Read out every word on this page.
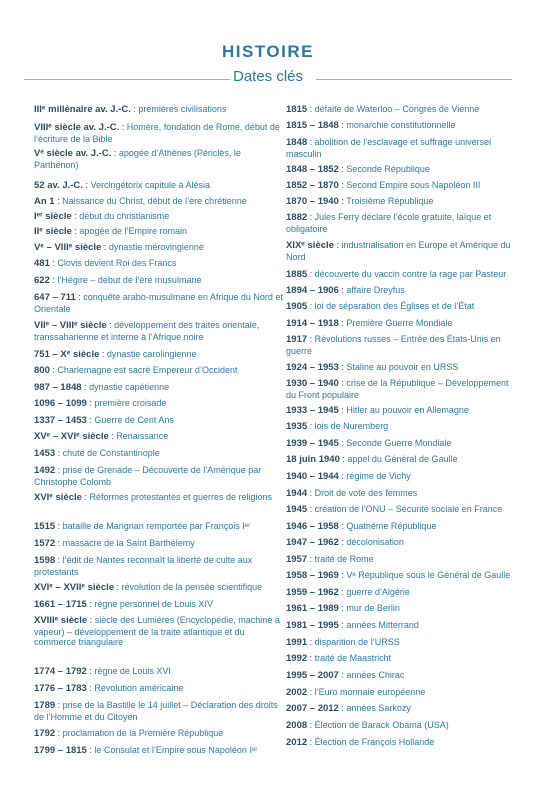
HISTOIRE
Dates clés
IIIᵉ millénaire av. J.-C. : premières civilisations
VIIIᵉ siècle av. J.-C. : Homère, fondation de Rome, début de l’écriture de la Bible
Vᵉ siècle av. J.-C. : apogée d’Athènes (Périclès, le Parthénon)
52 av. J.-C. : Vercingétorix capitule à Alésia
An 1 : Naissance du Christ, début de l’ère chrétienne
Iᵉʳ siècle : début du christianisme
IIᵉ siècle : apogée de l’Empire romain
Vᵉ – VIIIᵉ siècle : dynastie mérovingienne
481 : Clovis devient Roi des Francs
622 : l’Hégire – début de l’ère musulmane
647 – 711 : conquête arabo-musulmane en Afrique du Nord et Orientale
VIIᵉ – VIIIᵉ siècle : développement des traites orientale, transsaharienne et interne à l’Afrique noire
751 – Xᵉ siècle : dynastie carolingienne
800 : Charlemagne est sacré Empereur d’Occident
987 – 1848 : dynastie capétienne
1096 – 1099 : première croisade
1337 – 1453 : Guerre de Cent Ans
XVᵉ – XVIᵉ siècle : Renaissance
1453 : chute de Constantinople
1492 : prise de Grenade – Découverte de l’Amérique par Christophe Colomb
XVIᵉ siècle : Réformes protestantes et guerres de religions
1515 : bataille de Marignan remportée par François Iᵉʳ
1572 : massacre de la Saint Barthélemy
1598 : l’édit de Nantes reconnaît la liberté de culte aux protestants
XVIᵉ – XVIIᵉ siècle : révolution de la pensée scientifique
1661 – 1715 : règne personnel de Louis XIV
XVIIIᵉ siècle : siècle des Lumières (Encyclopédie, machine à vapeur) – développement de la traite atlantique et du commerce triangulaire
1774 – 1792 : règne de Louis XVI
1776 – 1783 : Révolution américaine
1789 : prise de la Bastille le 14 juillet – Déclaration des droits de l’Homme et du Citoyen
1792 : proclamation de la Première République
1799 – 1815 : le Consulat et l’Empire sous Napoléon Iᵉʳ
1815 : défaite de Waterloo – Congrès de Vienne
1815 – 1848 : monarchie constitutionnelle
1848 : abolition de l’esclavage et suffrage universel masculin
1848 – 1852 : Seconde République
1852 – 1870 : Second Empire sous Napoléon III
1870 – 1940 : Troisième République
1882 : Jules Ferry déclare l’école gratuite, laïque et obligatoire
XIXᵉ siècle : industrialisation en Europe et Amérique du Nord
1885 : découverte du vaccin contre la rage par Pasteur
1894 – 1906 : affaire Dreyfus
1905 : loi de séparation des Églises et de l’État
1914 – 1918 : Première Guerre Mondiale
1917 : Révolutions russes – Entrée des États-Unis en guerre
1924 – 1953 : Staline au pouvoir en URSS
1930 – 1940 : crise de la République – Développement du Front populaire
1933 – 1945 : Hitler au pouvoir en Allemagne
1935 : lois de Nuremberg
1939 – 1945 : Seconde Guerre Mondiale
18 juin 1940 : appel du Général de Gaulle
1940 – 1944 : régime de Vichy
1944 : Droit de vote des femmes
1945 : création de l’ONU – Sécurité sociale en France
1946 – 1958 : Quatrième République
1947 – 1962 : décolonisation
1957 : traité de Rome
1958 – 1969 : Vᵉ République sous le Général de Gaulle
1959 – 1962 : guerre d’Algérie
1961 – 1989 : mur de Berlin
1981 – 1995 : années Mitterrand
1991 : disparition de l’URSS
1992 : traité de Maastricht
1995 – 2007 : années Chirac
2002 : l’Euro monnaie européenne
2007 – 2012 : années Sarkozy
2008 : Élection de Barack Obama (USA)
2012 : Élection de François Hollande
